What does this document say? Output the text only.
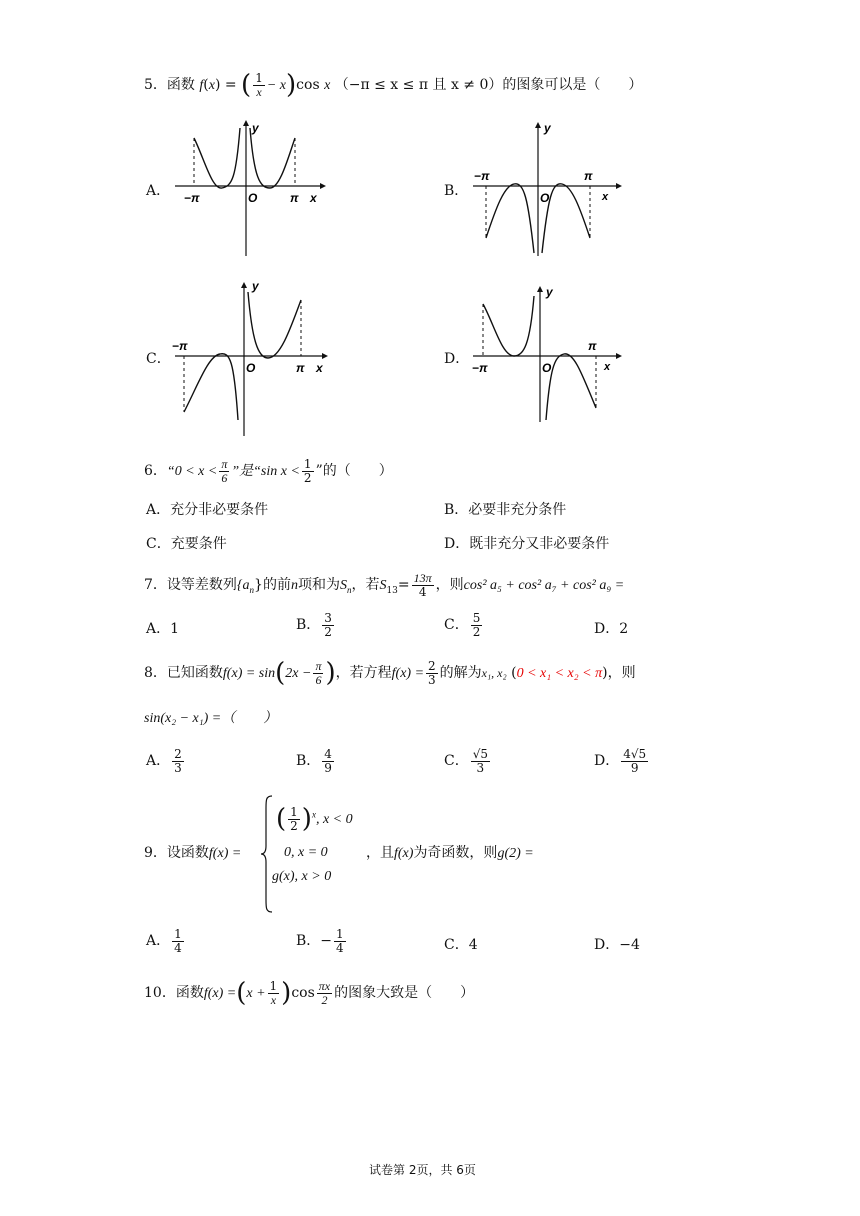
5．函数 f(x) = ( $\frac{1}{x} - x)\cos$ x （−π ≤ x ≤ π 且 x ≠ 0）的图象可以是（　　）
A． −π	π x
y
O	B．
−π	π
x
y
O
C．
−π
π x
y
O
D．
−π
π
x
y
O
6．“$0 < x < \frac{\pi}{6}$ ”是“sin $x < \frac{1}{2}$ ”的（　　）
A．充分非必要条件	B．必要非充分条件
C．充要条件	D．既非充分又非必要条件
7．设等差数列$\{a_n\}$的前n项和为$S_n$，若$S_{13}= \frac{13\pi}{4}$ ，则cos² a₅ + cos² a₇ + cos² a₉ =
A．1	B． $\frac{3}{2}$	C． $\frac{5}{2}$	D．2
8．已知函数$f(x) = \sin(2x - \frac{\pi}{6}$ )，若方程$f(x) = \frac{2}{3}$ 的解为x₁, x₂ (0 < x₁ < x₂ < π)，则
sin(x₂ − x₁) =（　　）
A． $\frac{2}{3}$	B． $\frac{4}{9}$	C． $\frac{√5}{3}$	D． $\frac{4√5}{9}$
9．设函数f(x) =
( $\frac{1}{2} )^x$, x < 0
0, x = 0
g(x), x > 0
，且f(x)为奇函数，则g(2) =
A． $\frac{1}{4}$	B．− $\frac{1}{4}$	C．4	D．−4
10．函数$f(x) =(x + \frac{1}{x} )\cos \frac{\pi x}{2}$ 的图象大致是（　　）
试卷第 2页，共 6页
